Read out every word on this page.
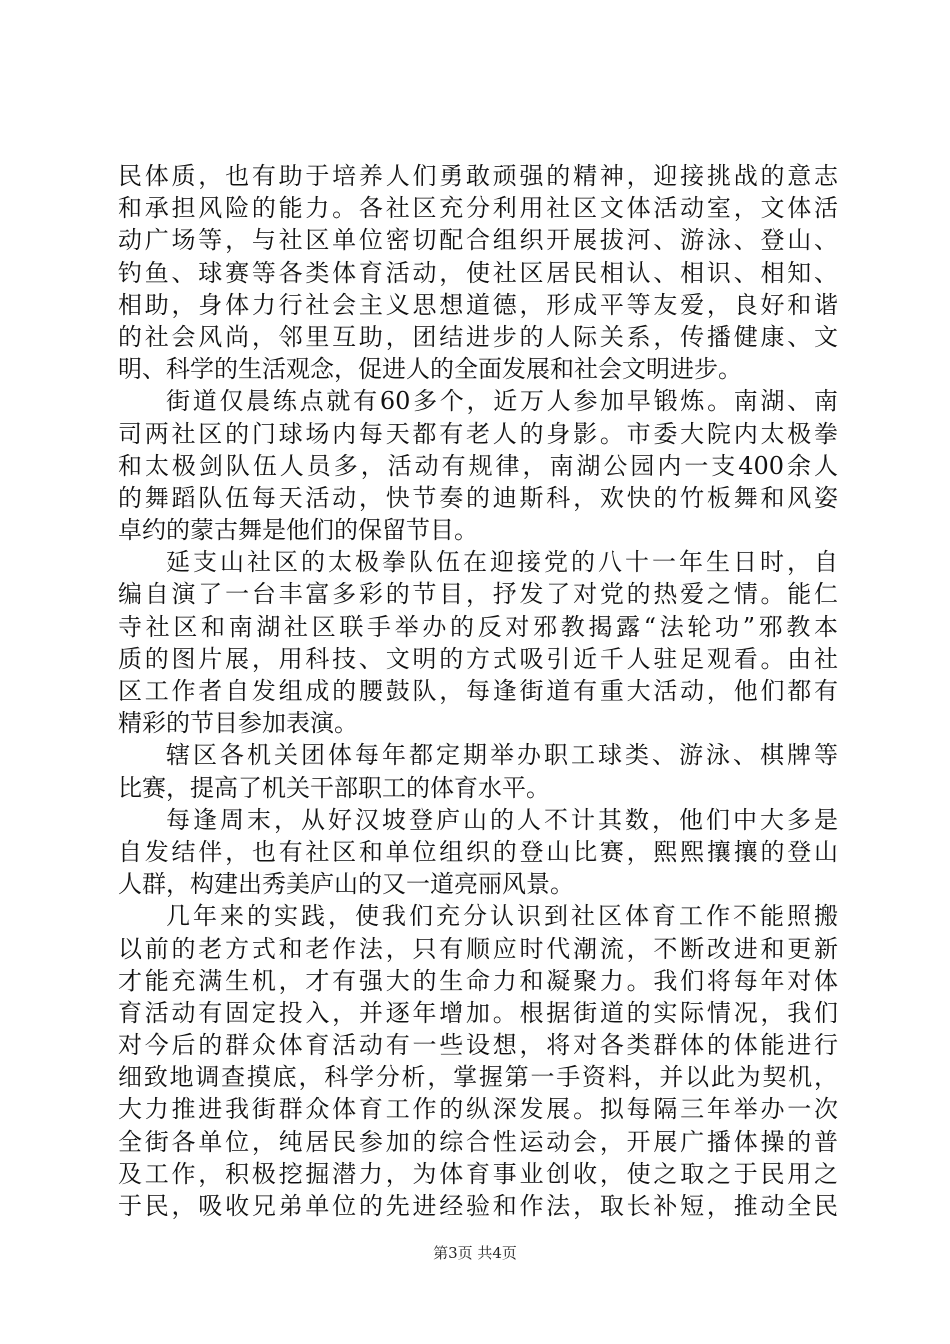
民体质，也有助于培养人们勇敢顽强的精神，迎接挑战的意志
和承担风险的能力。各社区充分利用社区文体活动室，文体活
动广场等，与社区单位密切配合组织开展拔河、游泳、登山、
钓鱼、球赛等各类体育活动，使社区居民相认、相识、相知、
相助，身体力行社会主义思想道德，形成平等友爱，良好和谐
的社会风尚，邻里互助，团结进步的人际关系，传播健康、文
明、科学的生活观念，促进人的全面发展和社会文明进步。
街道仅晨练点就有60多个，近万人参加早锻炼。南湖、南
司两社区的门球场内每天都有老人的身影。市委大院内太极拳
和太极剑队伍人员多，活动有规律，南湖公园内一支400余人
的舞蹈队伍每天活动，快节奏的迪斯科，欢快的竹板舞和风姿
卓约的蒙古舞是他们的保留节目。
延支山社区的太极拳队伍在迎接党的八十一年生日时，自
编自演了一台丰富多彩的节目，抒发了对党的热爱之情。能仁
寺社区和南湖社区联手举办的反对邪教揭露“法轮功”邪教本
质的图片展，用科技、文明的方式吸引近千人驻足观看。由社
区工作者自发组成的腰鼓队，每逢街道有重大活动，他们都有
精彩的节目参加表演。
辖区各机关团体每年都定期举办职工球类、游泳、棋牌等
比赛，提高了机关干部职工的体育水平。
每逢周末，从好汉坡登庐山的人不计其数，他们中大多是
自发结伴，也有社区和单位组织的登山比赛，熙熙攘攘的登山
人群，构建出秀美庐山的又一道亮丽风景。
几年来的实践，使我们充分认识到社区体育工作不能照搬
以前的老方式和老作法，只有顺应时代潮流，不断改进和更新
才能充满生机，才有强大的生命力和凝聚力。我们将每年对体
育活动有固定投入，并逐年增加。根据街道的实际情况，我们
对今后的群众体育活动有一些设想，将对各类群体的体能进行
细致地调查摸底，科学分析，掌握第一手资料，并以此为契机，
大力推进我街群众体育工作的纵深发展。拟每隔三年举办一次
全街各单位，纯居民参加的综合性运动会，开展广播体操的普
及工作，积极挖掘潜力，为体育事业创收，使之取之于民用之
于民，吸收兄弟单位的先进经验和作法，取长补短，推动全民
第3页 共4页
